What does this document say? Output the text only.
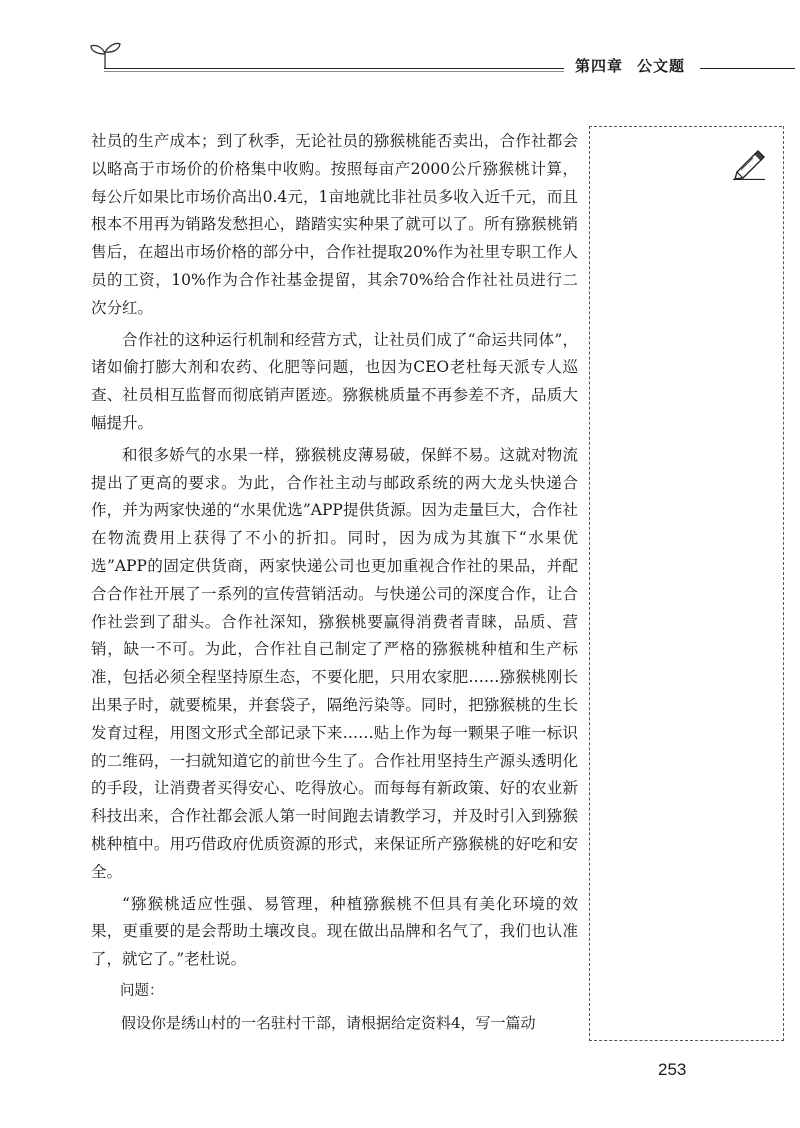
第四章 公文题

社员的生产成本；到了秋季，无论社员的猕猴桃能否卖出，合作社都会以略高于市场价的价格集中收购。按照每亩产2000公斤猕猴桃计算，每公斤如果比市场价高出0.4元，1亩地就比非社员多收入近千元，而且根本不用再为销路发愁担心，踏踏实实种果了就可以了。所有猕猴桃销售后，在超出市场价格的部分中，合作社提取20%作为社里专职工作人员的工资，10%作为合作社基金提留，其余70%给合作社社员进行二次分红。

合作社的这种运行机制和经营方式，让社员们成了“命运共同体”，诸如偷打膨大剂和农药、化肥等问题，也因为CEO老杜每天派专人巡查、社员相互监督而彻底销声匿迹。猕猴桃质量不再参差不齐，品质大幅提升。

和很多娇气的水果一样，猕猴桃皮薄易破，保鲜不易。这就对物流提出了更高的要求。为此，合作社主动与邮政系统的两大龙头快递合作，并为两家快递的“水果优选”APP提供货源。因为走量巨大，合作社在物流费用上获得了不小的折扣。同时，因为成为其旗下“水果优选”APP的固定供货商，两家快递公司也更加重视合作社的果品，并配合合作社开展了一系列的宣传营销活动。与快递公司的深度合作，让合作社尝到了甜头。合作社深知，猕猴桃要赢得消费者青睐，品质、营销，缺一不可。为此，合作社自己制定了严格的猕猴桃种植和生产标准，包括必须全程坚持原生态，不要化肥，只用农家肥……猕猴桃刚长出果子时，就要梳果，并套袋子，隔绝污染等。同时，把猕猴桃的生长发育过程，用图文形式全部记录下来……贴上作为每一颗果子唯一标识的二维码，一扫就知道它的前世今生了。合作社用坚持生产源头透明化的手段，让消费者买得安心、吃得放心。而每每有新政策、好的农业新科技出来，合作社都会派人第一时间跑去请教学习，并及时引入到猕猴桃种植中。用巧借政府优质资源的形式，来保证所产猕猴桃的好吃和安全。

“猕猴桃适应性强、易管理，种植猕猴桃不但具有美化环境的效果，更重要的是会帮助土壤改良。现在做出品牌和名气了，我们也认准了，就它了。”老杜说。

问题：

假设你是绣山村的一名驻村干部，请根据给定资料4，写一篇动

253
